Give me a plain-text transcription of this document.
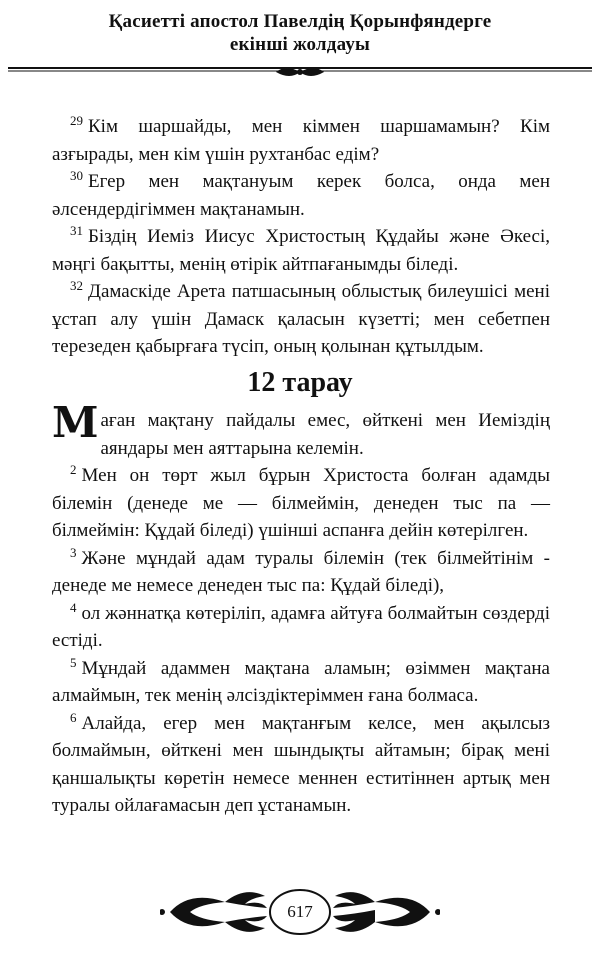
Қасиетті апостол Павелдің Қорынфяндерге
екінші жолдауы

$^{29}$ Кім шаршайды, мен кіммен шаршамамын? Кім азғырады, мен кім үшін рухтанбас едім?

$^{30}$ Егер мен мақтануым керек болса, онда мен әлсендердігіммен мақтанамын.

$^{31}$ Біздің Иеміз Иисус Христостың Құдайы және Әкесі, мәңгі бақытты, менің өтірік айтпағанымды біледі.

$^{32}$ Дамаскіде Арета патшасының облыстық билеушісі мені ұстап алу үшін Дамаск қаласын күзетті; мен себетпен терезеден қабырғаға түсіп, оның қолынан құтылдым.

12 тарау

Маған мақтану пайдалы емес, өйткені мен Иеміздің аяндары мен аяттарына келемін.

$^2$ Мен он төрт жыл бұрын Христоста болған адамды білемін (денеде ме — білмеймін, денеден тыс па — білмеймін: Құдай біледі) үшінші аспанға дейін көтерілген.

$^3$ Және мұндай адам туралы білемін (тек білмейтінім - денеде ме немесе денеден тыс па: Құдай біледі),

$^4$ ол жәннатқа көтеріліп, адамға айтуға болмайтын сөздерді естіді.

$^5$ Мұндай адаммен мақтана аламын; өзіммен мақтана алмаймын, тек менің әлсіздіктеріммен ғана болмаса.

$^6$ Алайда, егер мен мақтанғым келсе, мен ақылсыз болмаймын, өйткені мен шындықты айтамын; бірақ мені қаншалықты көретін немесе меннен еститіннен артық мен туралы ойлағамасын деп ұстанамын.

617
